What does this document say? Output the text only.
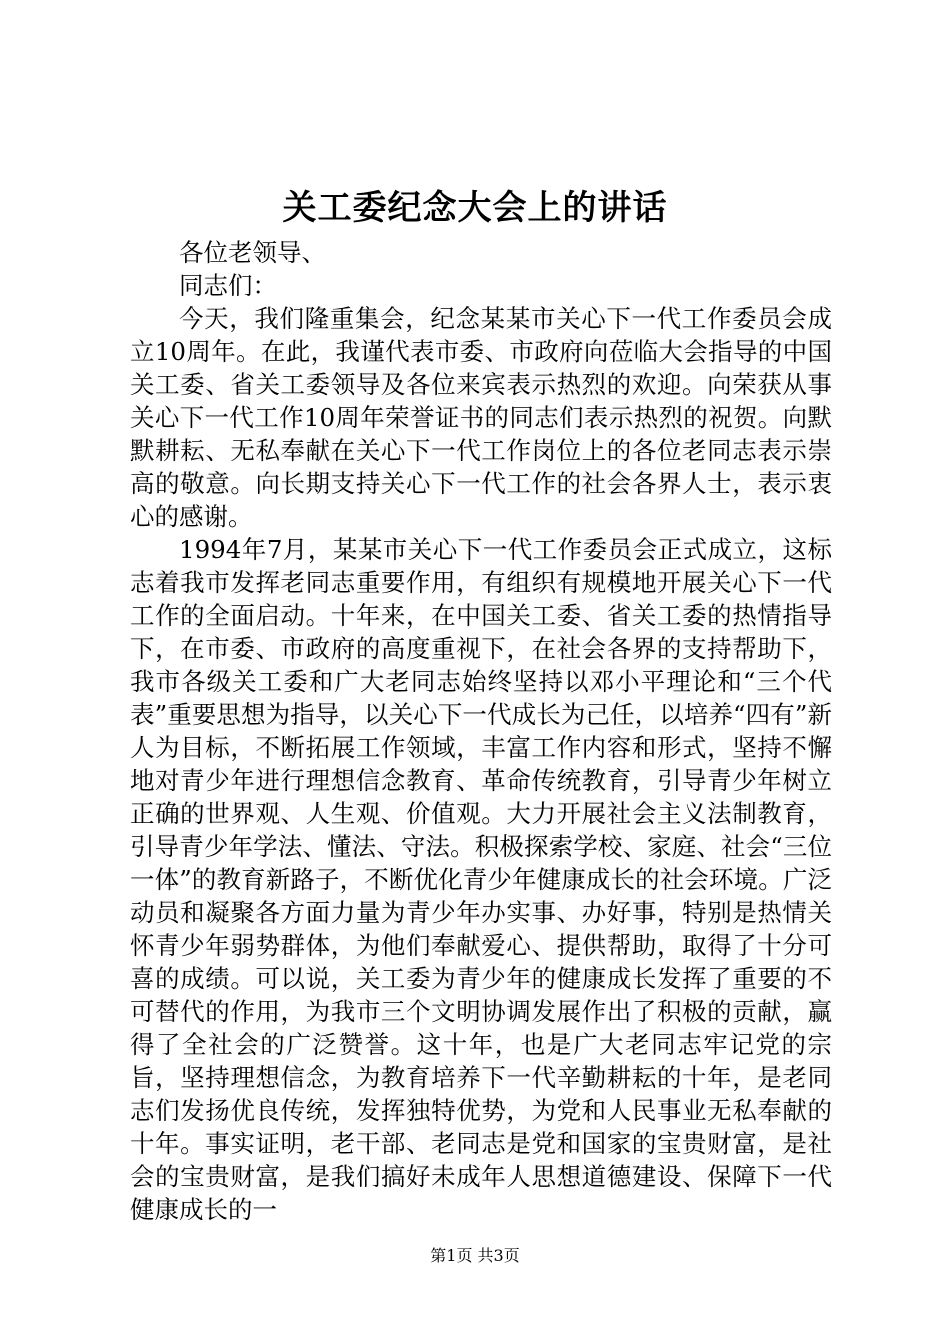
关工委纪念大会上的讲话

各位老领导、

同志们：

今天，我们隆重集会，纪念某某市关心下一代工作委员会成立10周年。在此，我谨代表市委、市政府向莅临大会指导的中国关工委、省关工委领导及各位来宾表示热烈的欢迎。向荣获从事关心下一代工作10周年荣誉证书的同志们表示热烈的祝贺。向默默耕耘、无私奉献在关心下一代工作岗位上的各位老同志表示崇高的敬意。向长期支持关心下一代工作的社会各界人士，表示衷心的感谢。

1994年7月，某某市关心下一代工作委员会正式成立，这标志着我市发挥老同志重要作用，有组织有规模地开展关心下一代工作的全面启动。十年来，在中国关工委、省关工委的热情指导下，在市委、市政府的高度重视下，在社会各界的支持帮助下，我市各级关工委和广大老同志始终坚持以邓小平理论和“三个代表”重要思想为指导，以关心下一代成长为己任，以培养“四有”新人为目标，不断拓展工作领域，丰富工作内容和形式，坚持不懈地对青少年进行理想信念教育、革命传统教育，引导青少年树立正确的世界观、人生观、价值观。大力开展社会主义法制教育，引导青少年学法、懂法、守法。积极探索学校、家庭、社会“三位一体”的教育新路子，不断优化青少年健康成长的社会环境。广泛动员和凝聚各方面力量为青少年办实事、办好事，特别是热情关怀青少年弱势群体，为他们奉献爱心、提供帮助，取得了十分可喜的成绩。可以说，关工委为青少年的健康成长发挥了重要的不可替代的作用，为我市三个文明协调发展作出了积极的贡献，赢得了全社会的广泛赞誉。这十年，也是广大老同志牢记党的宗旨，坚持理想信念，为教育培养下一代辛勤耕耘的十年，是老同志们发扬优良传统，发挥独特优势，为党和人民事业无私奉献的十年。事实证明，老干部、老同志是党和国家的宝贵财富，是社会的宝贵财富，是我们搞好未成年人思想道德建设、保障下一代健康成长的一

第1页 共3页
